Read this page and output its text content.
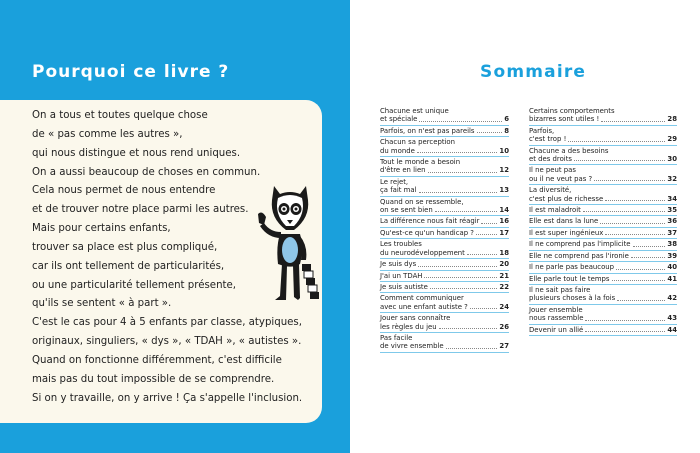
Pourquoi ce livre ?

On a tous et toutes quelque chose

de « pas comme les autres »,

qui nous distingue et nous rend uniques.

On a aussi beaucoup de choses en commun.

Cela nous permet de nous entendre

et de trouver notre place parmi les autres.

Mais pour certains enfants,

trouver sa place est plus compliqué,

car ils ont tellement de particularités,

ou une particularité tellement présente,

qu'ils se sentent « à part ».

C'est le cas pour 4 à 5 enfants par classe, atypiques,

originaux, singuliers, « dys », « TDAH », « autistes ».

Quand on fonctionne différemment, c'est difficile

mais pas du tout impossible de se comprendre.

Si on y travaille, on y arrive ! Ça s'appelle l'inclusion.

Sommaire
Chacune est unique
et spéciale	6
Parfois, on n'est pas pareils	8
Chacun sa perception
du monde	10
Tout le monde a besoin
d'être en lien	12
Le rejet,
ça fait mal	13
Quand on se ressemble,
on se sent bien	14
La différence nous fait réagir	16
Qu'est-ce qu'un handicap ?	17
Les troubles
du neurodéveloppement	18
Je suis dys	20
J'ai un TDAH	21
Je suis autiste	22
Comment communiquer
avec une enfant autiste ?	24
Jouer sans connaître
les règles du jeu	26
Pas facile
de vivre ensemble	27
Certains comportements
bizarres sont utiles !	28
Parfois,
c'est trop !	29
Chacune a des besoins
et des droits	30
Il ne peut pas
ou il ne veut pas ?	32
La diversité,
c'est plus de richesse	34
Il est maladroit	35
Elle est dans la lune	36
Il est super ingénieux	37
Il ne comprend pas l'implicite	38
Elle ne comprend pas l'ironie	39
Il ne parle pas beaucoup	40
Elle parle tout le temps	41
Il ne sait pas faire
plusieurs choses à la fois	42
Jouer ensemble
nous rassemble	43
Devenir un allié	44
